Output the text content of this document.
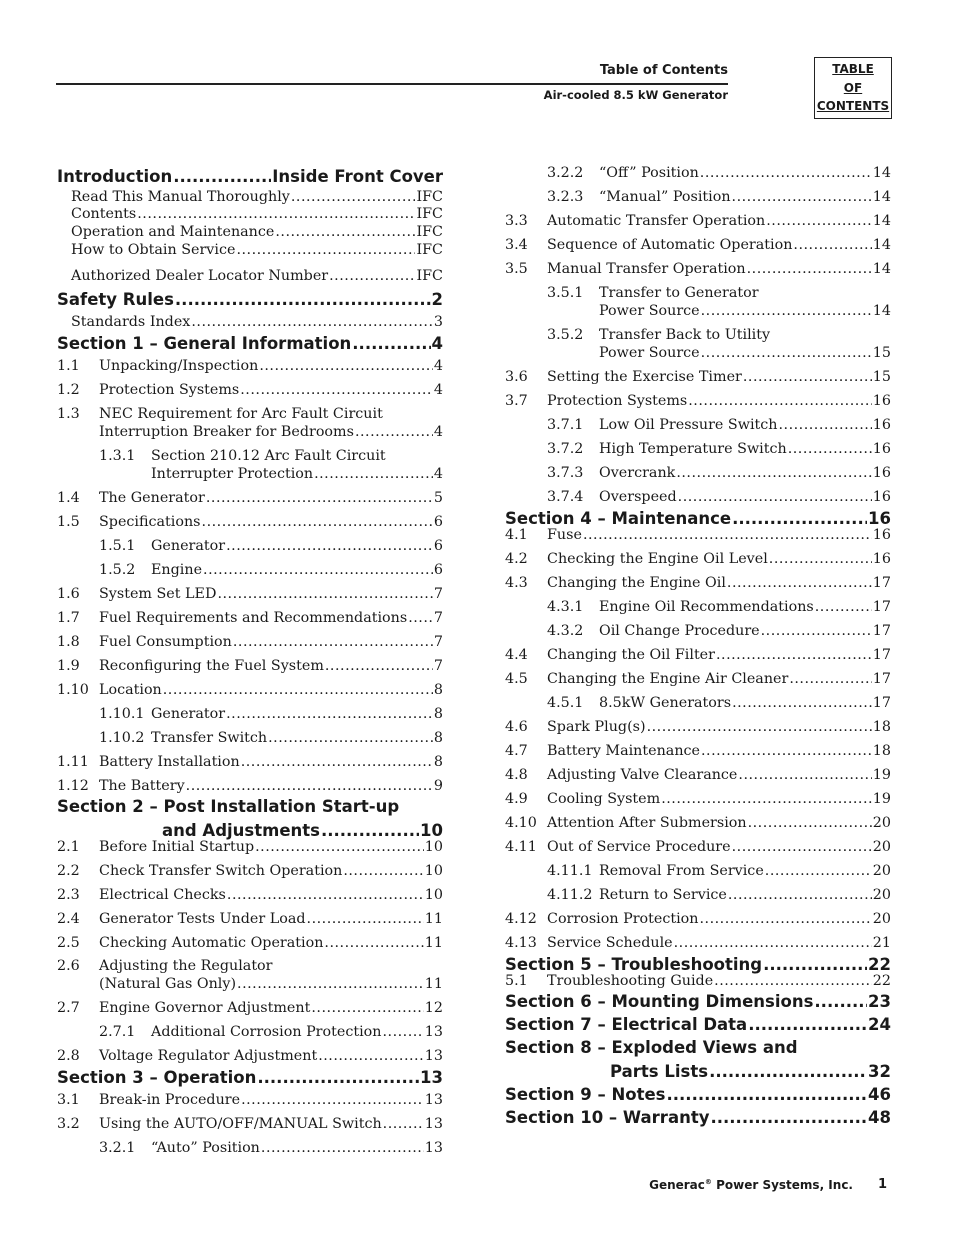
Table of Contents
Air-cooled 8.5 kW Generator
TABLE
OF
CONTENTS
Introduction .....	Inside Front Cover
Read This Manual Thoroughly .....	IFC
Contents .....	IFC
Operation and Maintenance .....	IFC
How to Obtain Service .....	IFC
Authorized Dealer Locator Number .....	IFC
Safety Rules .....	2
Standards Index .....	3
Section 1 – General Information .....	4
1.1	Unpacking/Inspection .....	4
1.2	Protection Systems .....	4
1.3	NEC Requirement for Arc Fault Circuit
Interruption Breaker for Bedrooms .....	4
1.3.1	Section 210.12 Arc Fault Circuit
Interrupter Protection .....	4
1.4	The Generator .....	5
1.5	Specifications .....	6
1.5.1	Generator .....	6
1.5.2	Engine .....	6
1.6	System Set LED .....	7
1.7	Fuel Requirements and Recommendations ..... 7
1.8	Fuel Consumption .....	7
1.9	Reconfiguring the Fuel System .....	7
1.10 Location .....	8
1.10.1 Generator .....	8
1.10.2 Transfer Switch .....	8
1.11 Battery Installation .....	8
1.12 The Battery .....	9
Section 2 – Post Installation Start-up
and Adjustments .....	10
2.1	Before Initial Startup .....	10
2.2	Check Transfer Switch Operation .....	10
2.3	Electrical Checks .....	10
2.4	Generator Tests Under Load .....	11
2.5	Checking Automatic Operation .....	11
2.6	Adjusting the Regulator
(Natural Gas Only) .....	11
2.7	Engine Governor Adjustment .....	12
2.7.1	Additional Corrosion Protection .....	13
2.8	Voltage Regulator Adjustment .....	13
Section 3 – Operation .....	13
3.1	Break-in Procedure .....	13
3.2	Using the AUTO/OFF/MANUAL Switch .....	13
3.2.1	“Auto” Position .....	13
3.2.2	“Off” Position .....	14
3.2.3	“Manual” Position .....	14
3.3	Automatic Transfer Operation .....	14
3.4	Sequence of Automatic Operation .....	14
3.5	Manual Transfer Operation .....	14
3.5.1	Transfer to Generator
Power Source .....	14
3.5.2	Transfer Back to Utility
Power Source .....	15
3.6	Setting the Exercise Timer .....	15
3.7	Protection Systems .....	16
3.7.1	Low Oil Pressure Switch .....	16
3.7.2	High Temperature Switch .....	16
3.7.3	Overcrank .....	16
3.7.4	Overspeed .....	16
Section 4 – Maintenance .....	16
4.1	Fuse .....	16
4.2	Checking the Engine Oil Level .....	16
4.3	Changing the Engine Oil .....	17
4.3.1	Engine Oil Recommendations .....	17
4.3.2	Oil Change Procedure .....	17
4.4	Changing the Oil Filter .....	17
4.5	Changing the Engine Air Cleaner .....	17
4.5.1	8.5kW Generators .....	17
4.6	Spark Plug(s) .....	18
4.7	Battery Maintenance .....	18
4.8	Adjusting Valve Clearance .....	19
4.9	Cooling System .....	19
4.10 Attention After Submersion .....	20
4.11 Out of Service Procedure .....	20
4.11.1 Removal From Service .....	20
4.11.2 Return to Service .....	20
4.12 Corrosion Protection .....	20
4.13 Service Schedule .....	21
Section 5 – Troubleshooting .....	22
5.1	Troubleshooting Guide .....	22
Section 6 – Mounting Dimensions .....	23
Section 7 – Electrical Data .....	24
Section 8 – Exploded Views and
Parts Lists .....	32
Section 9 – Notes .....	46
Section 10 – Warranty .....	48
Generac® Power Systems, Inc. 1
